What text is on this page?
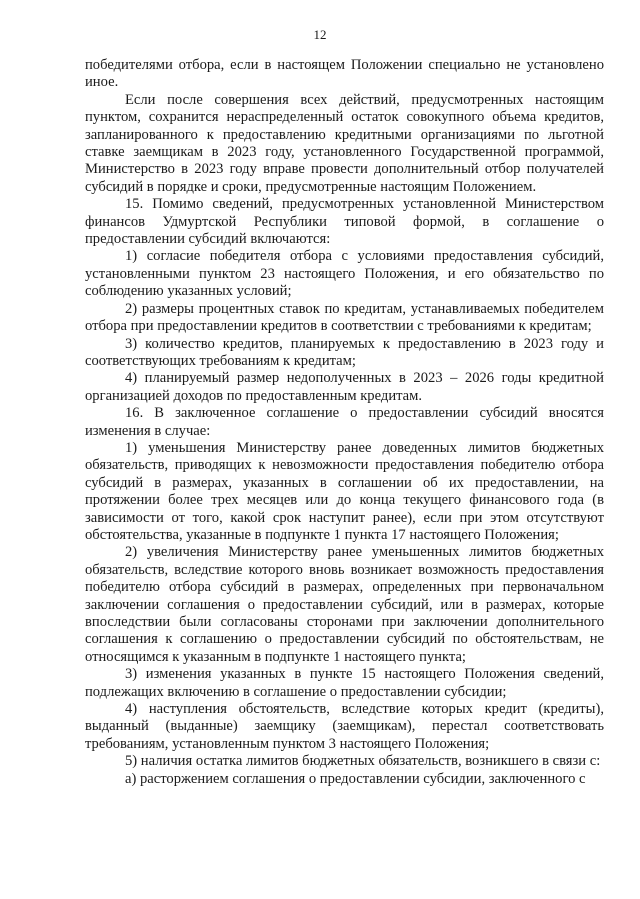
12

победителями отбора, если в настоящем Положении специально не установлено иное.

Если после совершения всех действий, предусмотренных настоящим пунктом, сохранится нераспределенный остаток совокупного объема кредитов, запланированного к предоставлению кредитными организациями по льготной ставке заемщикам в 2023 году, установленного Государственной программой, Министерство в 2023 году вправе провести дополнительный отбор получателей субсидий в порядке и сроки, предусмотренные настоящим Положением.

15. Помимо сведений, предусмотренных установленной Министерством финансов Удмуртской Республики типовой формой, в соглашение о предоставлении субсидий включаются:

1) согласие победителя отбора с условиями предоставления субсидий, установленными пунктом 23 настоящего Положения, и его обязательство по соблюдению указанных условий;

2) размеры процентных ставок по кредитам, устанавливаемых победителем отбора при предоставлении кредитов в соответствии с требованиями к кредитам;

3) количество кредитов, планируемых к предоставлению в 2023 году и соответствующих требованиям к кредитам;

4) планируемый размер недополученных в 2023 – 2026 годы кредитной организацией доходов по предоставленным кредитам.

16. В заключенное соглашение о предоставлении субсидий вносятся изменения в случае:

1) уменьшения Министерству ранее доведенных лимитов бюджетных обязательств, приводящих к невозможности предоставления победителю отбора субсидий в размерах, указанных в соглашении об их предоставлении, на протяжении более трех месяцев или до конца текущего финансового года (в зависимости от того, какой срок наступит ранее), если при этом отсутствуют обстоятельства, указанные в подпункте 1 пункта 17 настоящего Положения;

2) увеличения Министерству ранее уменьшенных лимитов бюджетных обязательств, вследствие которого вновь возникает возможность предоставления победителю отбора субсидий в размерах, определенных при первоначальном заключении соглашения о предоставлении субсидий, или в размерах, которые впоследствии были согласованы сторонами при заключении дополнительного соглашения к соглашению о предоставлении субсидий по обстоятельствам, не относящимся к указанным в подпункте 1 настоящего пункта;

3) изменения указанных в пункте 15 настоящего Положения сведений, подлежащих включению в соглашение о предоставлении субсидии;

4) наступления обстоятельств, вследствие которых кредит (кредиты), выданный (выданные) заемщику (заемщикам), перестал соответствовать требованиям, установленным пунктом 3 настоящего Положения;

5) наличия остатка лимитов бюджетных обязательств, возникшего в связи с:

а) расторжением соглашения о предоставлении субсидии, заключенного с
